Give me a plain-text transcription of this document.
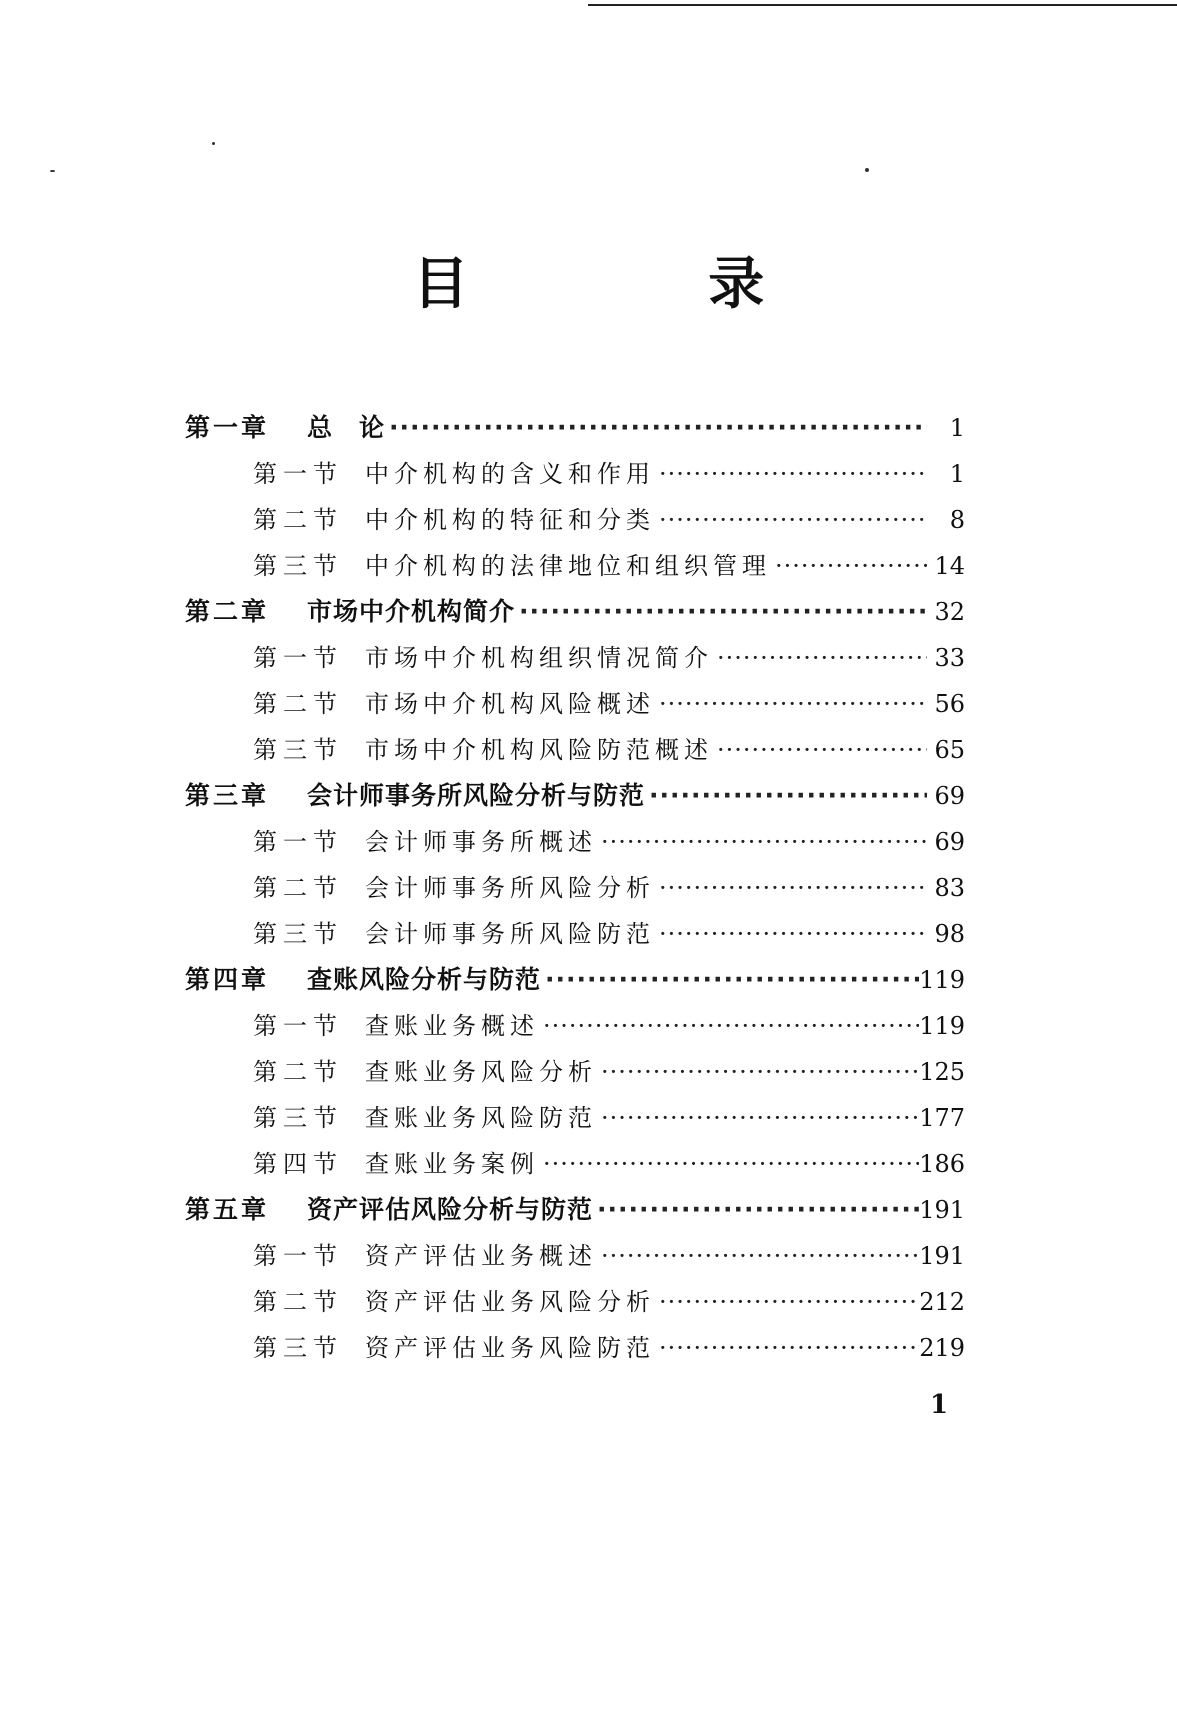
目 录
第一章	总　论 ·····	1
第一节 中介机构的含义和作用 ·····	1
第二节 中介机构的特征和分类 ·····	8
第三节 中介机构的法律地位和组织管理 ·····	14
第二章	市场中介机构简介 ·····	32
第一节 市场中介机构组织情况简介 ·····	33
第二节 市场中介机构风险概述 ·····	56
第三节 市场中介机构风险防范概述 ·····	65
第三章	会计师事务所风险分析与防范 ·····	69
第一节 会计师事务所概述 ·····	69
第二节 会计师事务所风险分析 ·····	83
第三节 会计师事务所风险防范 ·····	98
第四章	查账风险分析与防范 ·····	119
第一节 查账业务概述 ·····	119
第二节 查账业务风险分析 ·····	125
第三节 查账业务风险防范 ·····	177
第四节 查账业务案例 ·····	186
第五章	资产评估风险分析与防范 ·····	191
第一节 资产评估业务概述 ·····	191
第二节 资产评估业务风险分析 ·····	212
第三节 资产评估业务风险防范 ·····	219
1
